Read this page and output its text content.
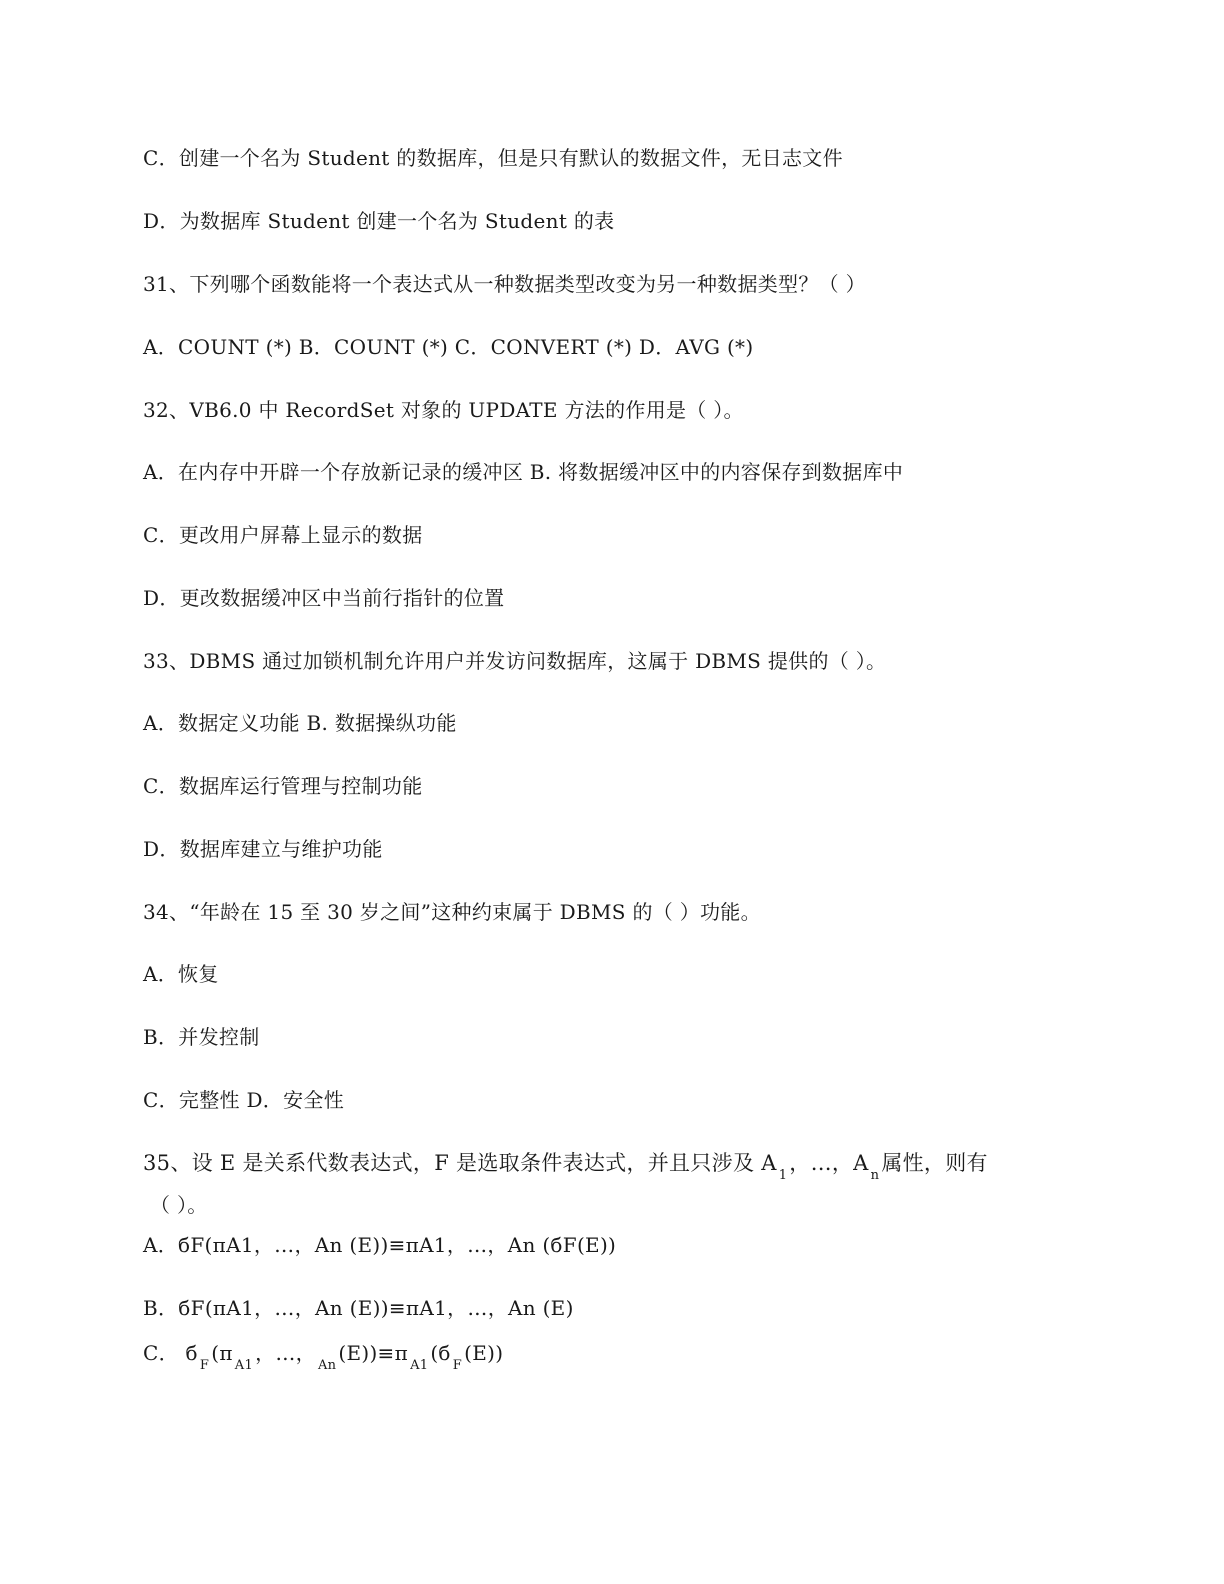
C．创建一个名为 Student 的数据库，但是只有默认的数据文件，无日志文件
D．为数据库 Student 创建一个名为 Student 的表
31、下列哪个函数能将一个表达式从一种数据类型改变为另一种数据类型？（ ）
A．COUNT (*) B．COUNT (*) C．CONVERT (*) D．AVG (*)
32、VB6.0 中 RecordSet 对象的 UPDATE 方法的作用是（ ）。
A．在内存中开辟一个存放新记录的缓冲区 B. 将数据缓冲区中的内容保存到数据库中
C．更改用户屏幕上显示的数据
D．更改数据缓冲区中当前行指针的位置
33、DBMS 通过加锁机制允许用户并发访问数据库，这属于 DBMS 提供的（ ）。
A．数据定义功能 B. 数据操纵功能
C．数据库运行管理与控制功能
D．数据库建立与维护功能
34、“年龄在 15 至 30 岁之间”这种约束属于 DBMS 的（ ）功能。
A．恢复
B．并发控制
C．完整性 D．安全性
35、设 E 是关系代数表达式，F 是选取条件表达式，并且只涉及 $A_1$，…，$A_n$属性，则有
（ ）。
A．бF(πA1，…，An (E))≡πA1，…，An (бF(E))
B．бF(πA1，…，An (E))≡πA1，…，An (E)
C． $б_F(\pi_{A1}$，…，$_{An}(E))\equiv\pi_{A1}(б_F(E))$
